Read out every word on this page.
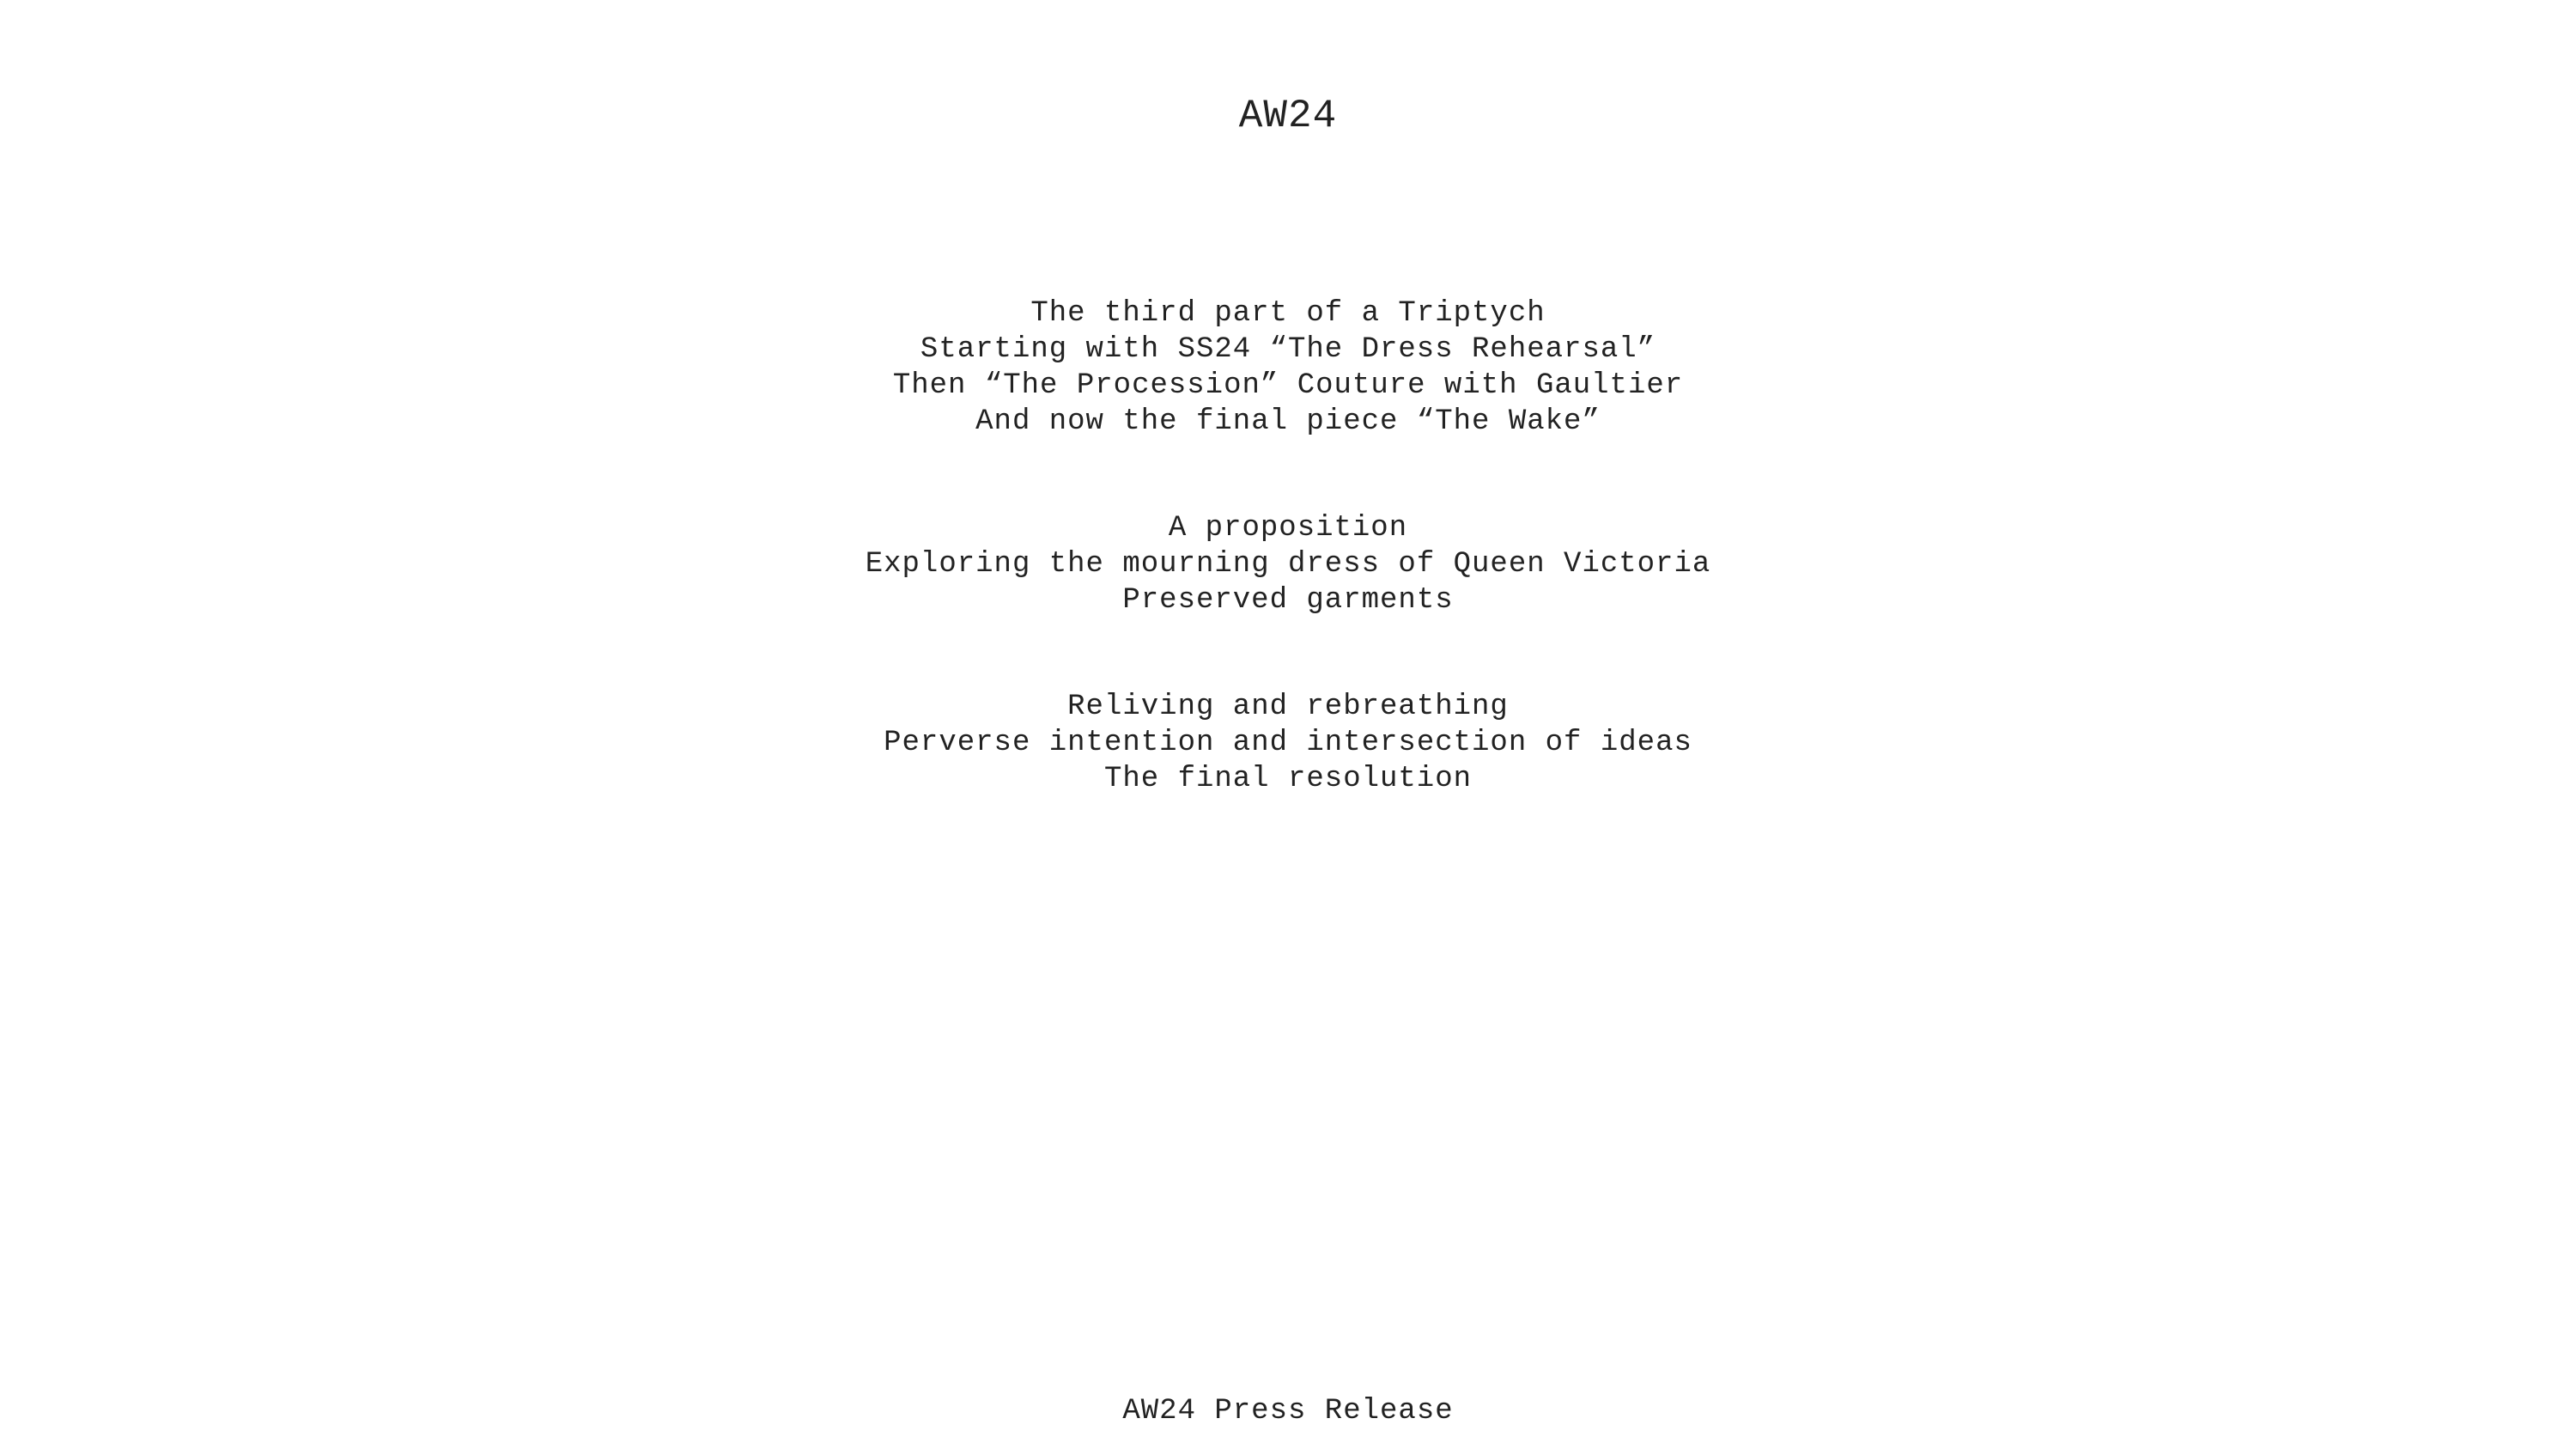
AW24
The third part of a Triptych
Starting with SS24 “The Dress Rehearsal”
Then “The Procession” Couture with Gaultier
And now the final piece “The Wake”
A proposition
Exploring the mourning dress of Queen Victoria
Preserved garments
Reliving and rebreathing
Perverse intention and intersection of ideas
The final resolution
AW24 Press Release
